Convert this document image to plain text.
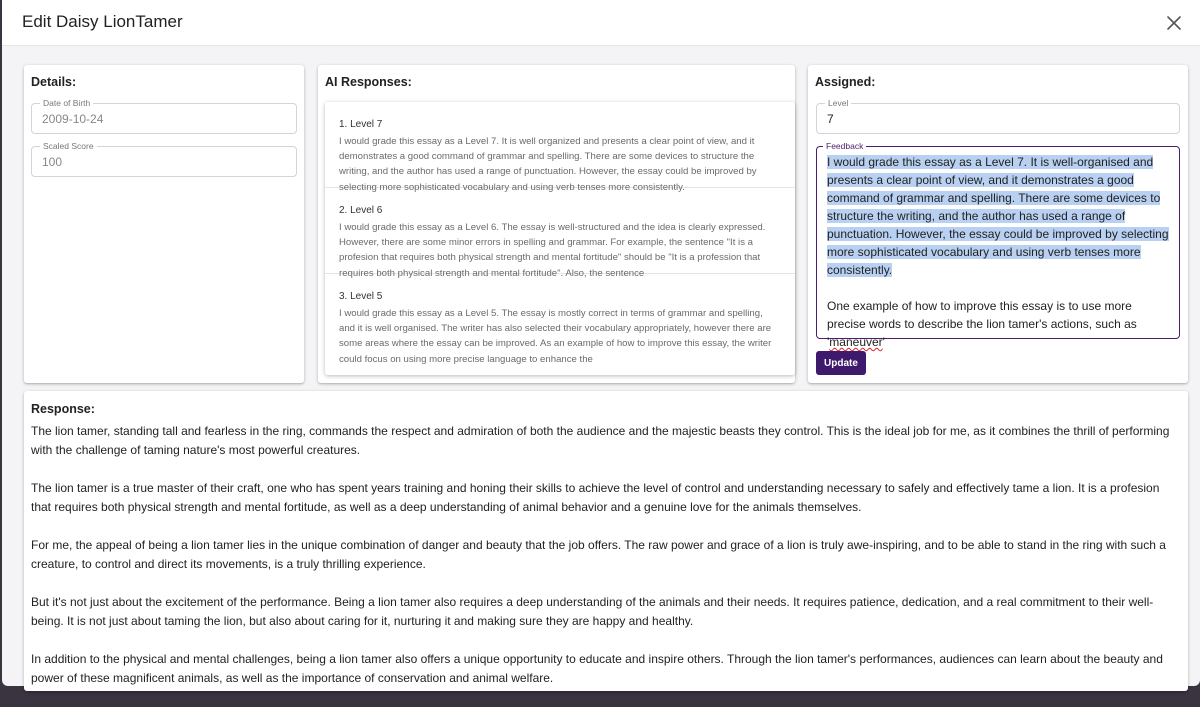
Edit Daisy LionTamer
Details:
Date of Birth
2009-10-24
Scaled Score
100
AI Responses:
1. Level 7
I would grade this essay as a Level 7. It is well organized and presents a clear point of view, and it demonstrates a good command of grammar and spelling. There are some devices to structure the writing, and the author has used a range of punctuation. However, the essay could be improved by selecting more sophisticated vocabulary and using verb tenses more consistently.
2. Level 6
I would grade this essay as a Level 6. The essay is well-structured and the idea is clearly expressed. However, there are some minor errors in spelling and grammar. For example, the sentence "It is a profesion that requires both physical strength and mental fortitude" should be "It is a profession that requires both physical strength and mental fortitude". Also, the sentence
3. Level 5
I would grade this essay as a Level 5. The essay is mostly correct in terms of grammar and spelling, and it is well organised. The writer has also selected their vocabulary appropriately, however there are some areas where the essay can be improved. As an example of how to improve this essay, the writer could focus on using more precise language to enhance the
Assigned:
Level
7
Feedback
I would grade this essay as a Level 7. It is well-organised and presents a clear point of view, and it demonstrates a good command of grammar and spelling. There are some devices to structure the writing, and the author has used a range of punctuation. However, the essay could be improved by selecting more sophisticated vocabulary and using verb tenses more consistently.
One example of how to improve this essay is to use more precise words to describe the lion tamer's actions, such as 'maneuver'
Update
Response:

The lion tamer, standing tall and fearless in the ring, commands the respect and admiration of both the audience and the majestic beasts they control. This is the ideal job for me, as it combines the thrill of performing with the challenge of taming nature's most powerful creatures.

The lion tamer is a true master of their craft, one who has spent years training and honing their skills to achieve the level of control and understanding necessary to safely and effectively tame a lion. It is a profesion that requires both physical strength and mental fortitude, as well as a deep understanding of animal behavior and a genuine love for the animals themselves.

For me, the appeal of being a lion tamer lies in the unique combination of danger and beauty that the job offers. The raw power and grace of a lion is truly awe-inspiring, and to be able to stand in the ring with such a creature, to control and direct its movements, is a truly thrilling experience.

But it's not just about the excitement of the performance. Being a lion tamer also requires a deep understanding of the animals and their needs. It requires patience, dedication, and a real commitment to their well-being. It is not just about taming the lion, but also about caring for it, nurturing it and making sure they are happy and healthy.

In addition to the physical and mental challenges, being a lion tamer also offers a unique opportunity to educate and inspire others. Through the lion tamer's performances, audiences can learn about the beauty and power of these magnificent animals, as well as the importance of conservation and animal welfare.
